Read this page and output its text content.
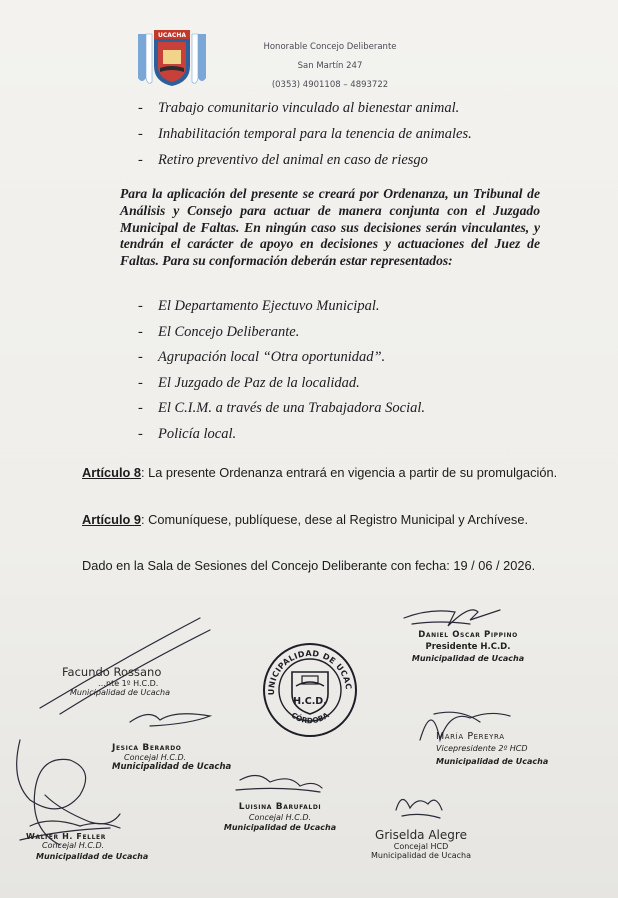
UCACHA
Honorable Concejo Deliberante
San Martín 247
(0353) 4901108 – 4893722
- Trabajo comunitario vinculado al bienestar animal.
- Inhabilitación temporal para la tenencia de animales.
- Retiro preventivo del animal en caso de riesgo
Para la aplicación del presente se creará por Ordenanza, un Tribunal de Análisis y Consejo para actuar de manera conjunta con el Juzgado Municipal de Faltas. En ningún caso sus decisiones serán vinculantes, y tendrán el carácter de apoyo en decisiones y actuaciones del Juez de Faltas. Para su conformación deberán estar representados:
- El Departamento Ejectuvo Municipal.
- El Concejo Deliberante.
- Agrupación local “Otra oportunidad”.
- El Juzgado de Paz de la localidad.
- El C.I.M. a través de una Trabajadora Social.
- Policía local.
Artículo 8: La presente Ordenanza entrará en vigencia a partir de su promulgación.
Artículo 9: Comuníquese, publíquese, dese al Registro Municipal y Archívese.
Dado en la Sala de Sesiones del Concejo Deliberante con fecha: 19 / 06 / 2026.
UNICIPALIDAD DE UCAC
H.C.D.
CÓRDOBA
Daniel Oscar Pippino
Presidente H.C.D.
Municipalidad de Ucacha
Facundo Rossano
…nte 1º H.C.D.
Municipalidad de Ucacha
Jesica Berardo
Concejal H.C.D.
Municipalidad de Ucacha
María Pereyra
Vicepresidente 2º HCD
Municipalidad de Ucacha
Luisina Barufaldi
Concejal H.C.D.
Municipalidad de Ucacha
Walter H. Feller
Concejal H.C.D.
Municipalidad de Ucacha
Griselda Alegre
Concejal HCD
Municipalidad de Ucacha
